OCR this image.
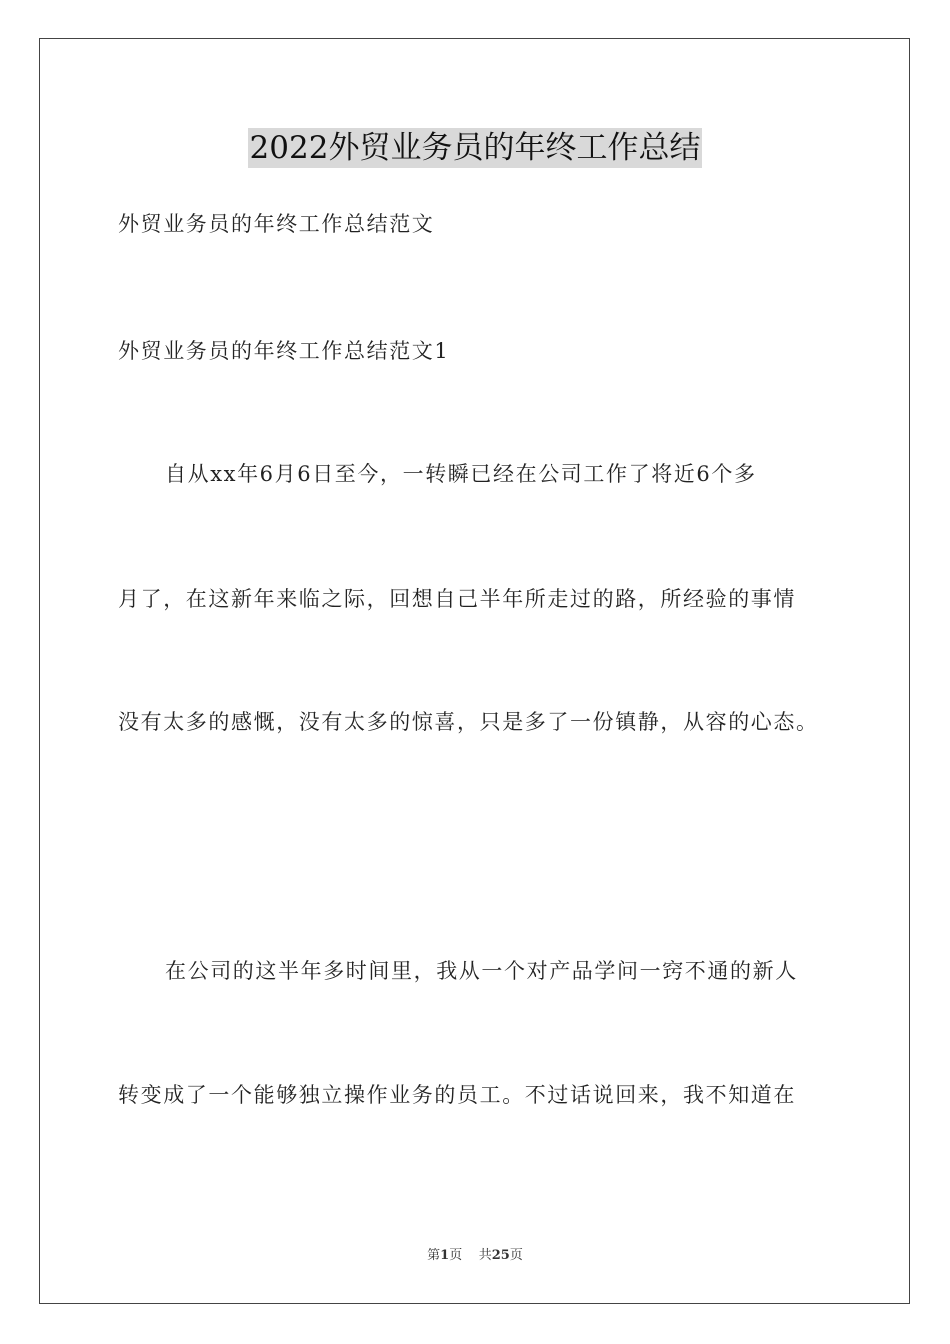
2022外贸业务员的年终工作总结
外贸业务员的年终工作总结范文
外贸业务员的年终工作总结范文1
自从xx年6月6日至今，一转瞬已经在公司工作了将近6个多
月了，在这新年来临之际，回想自己半年所走过的路，所经验的事情
没有太多的感慨，没有太多的惊喜，只是多了一份镇静，从容的心态。
在公司的这半年多时间里，我从一个对产品学问一窍不通的新人
转变成了一个能够独立操作业务的员工。不过话说回来，我不知道在
第1页 共25页
